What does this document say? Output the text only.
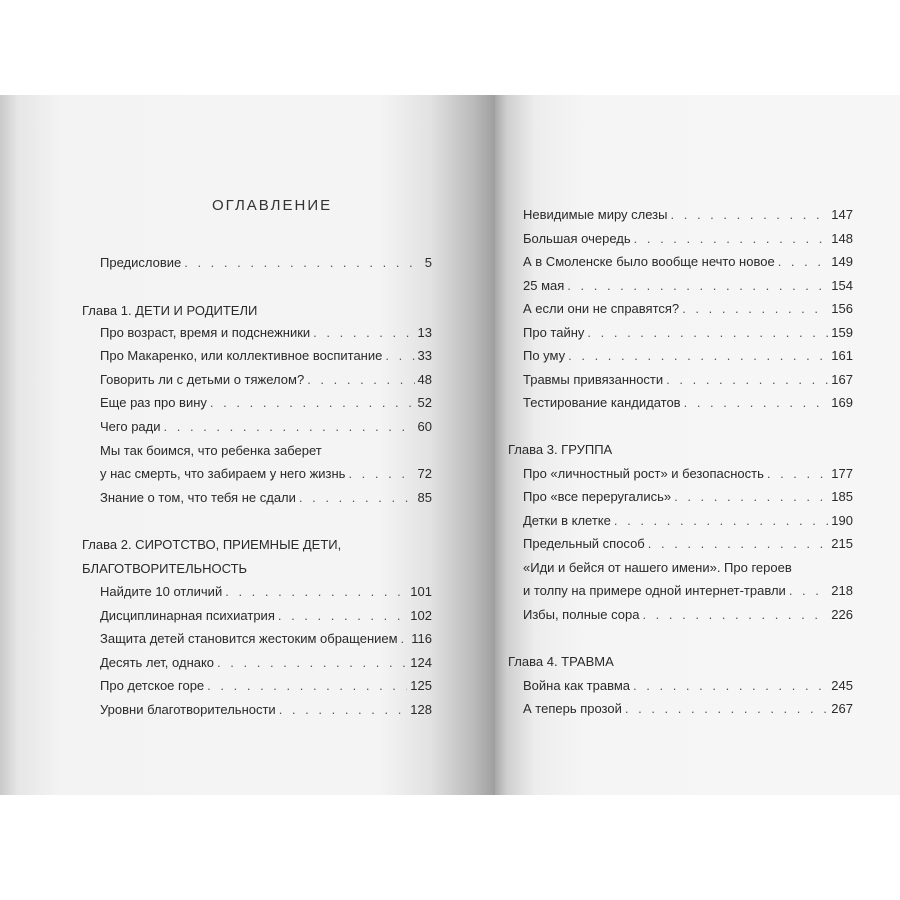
ОГЛАВЛЕНИЕ
Предисловие . . .	5
Глава 1. ДЕТИ И РОДИТЕЛИ
Про возраст, время и подснежники . . .	13
Про Макаренко, или коллективное воспитание . . .	33
Говорить ли с детьми о тяжелом? . . .	48
Еще раз про вину . . .	52
Чего ради . . .	60
Мы так боимся, что ребенка заберет
у нас смерть, что забираем у него жизнь . . .	72
Знание о том, что тебя не сдали . . .	85
Глава 2. СИРОТСТВО, ПРИЕМНЫЕ ДЕТИ,
БЛАГОТВОРИТЕЛЬНОСТЬ
Найдите 10 отличий . . .	101
Дисциплинарная психиатрия . . .	102
Защита детей становится жестоким обращением . . . 116
Десять лет, однако . . .	124
Про детское горе . . .	125
Уровни благотворительности . . .	128
Невидимые миру слезы . . .	147
Большая очередь . . .	148
А в Смоленске было вообще нечто новое . . .	149
25 мая . . .	154
А если они не справятся? . . .	156
Про тайну . . .	159
По уму . . .	161
Травмы привязанности . . .	167
Тестирование кандидатов . . .	169
Глава 3. ГРУППА
Про «личностный рост» и безопасность . . .	177
Про «все переругались» . . .	185
Детки в клетке . . .	190
Предельный способ . . .	215
«Иди и бейся от нашего имени». Про героев
и толпу на примере одной интернет-травли . . .	218
Избы, полные сора . . .	226
Глава 4. ТРАВМА
Война как травма . . .	245
А теперь прозой . . .	267
